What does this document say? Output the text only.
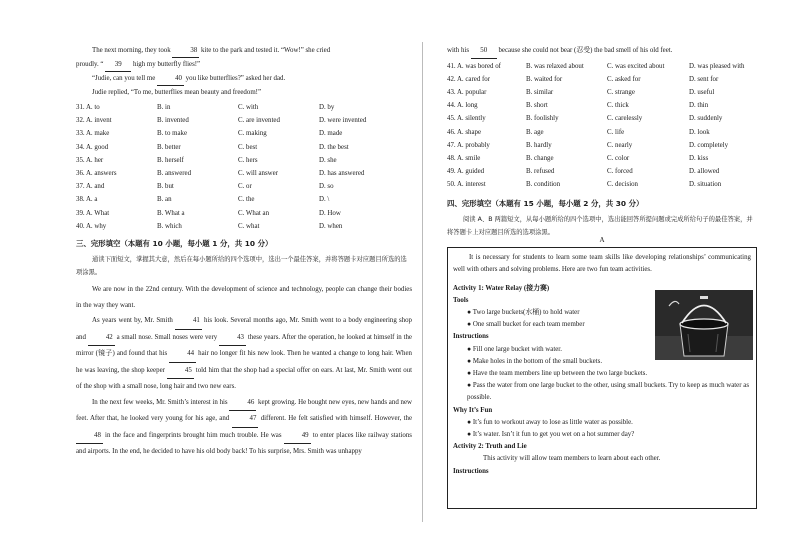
The next morning, they took	38 kite to the park and tested it. “Wow!” she cried

proudly. “ 39 high my butterfly flies!”

“Judie, can you tell me	40 you like butterflies?” asked her dad.

Judie replied, “To me, butterflies mean beauty and freedom!”

31. A. to	B. in	C. with	D. by
32. A. invent	B. invented	C. are invented	D. were invented
33. A. make	B. to make	C. making	D. made
34. A. good	B. better	C. best	D. the best
35. A. her	B. herself	C. hers	D. she
36. A. answers	B. answered	C. will answer	D. has answered
37. A. and	B. but	C. or	D. so
38. A. a	B. an	C. the	D. \
39. A. What	B. What a	C. What an	D. How
40. A. why	B. which	C. what	D. when
三、完形填空（本题有 10 小题，每小题 1 分，共 10 分）

通读下面短文，掌握其大意，然后在每小题所给的四个选项中，选出一个最佳答案，并将答题卡对应题目所选的选项涂黑。

We are now in the 22nd century. With the development of science and technology, people can change their bodies in the way they want.

As years went by, Mr. Smith	41 his look. Several months ago, Mr. Smith went to a body engineering shop and	42 a small nose. Small noses were very	43 these years. After the operation, he looked at himself in the mirror (镜子) and found that his	44 hair no longer fit his new look. Then he wanted a change to long hair. When he was leaving, the shop keeper	45 told him that the shop had a special offer on ears. At last, Mr. Smith went out of the shop with a small nose, long hair and two new ears.

In the next few weeks, Mr. Smith’s interest in his	46 kept growing. He bought new eyes, new hands and new feet. After that, he looked very young for his age, and	47 different. He felt satisfied with himself. However, the 48 in the face and fingerprints brought him much trouble. He was	49 to enter places like railway stations and airports. In the end, he decided to have his old body back! To his surprise, Mrs. Smith was unhappy

with his 50 because she could not bear (忍受) the bad smell of his old feet.

41. A. was bored of	B. was relaxed about	C. was excited about	D. was pleased with
42. A. cared for	B. waited for	C. asked for	D. sent for
43. A. popular	B. similar	C. strange	D. useful
44. A. long	B. short	C. thick	D. thin
45. A. silently	B. foolishly	C. carelessly	D. suddenly
46. A. shape	B. age	C. life	D. look
47. A. probably	B. hardly	C. nearly	D. completely
48. A. smile	B. change	C. color	D. kiss
49. A. guided	B. refused	C. forced	D. allowed
50. A. interest	B. condition	C. decision	D. situation
四、完形填空（本题有 15 小题，每小题 2 分，共 30 分）

阅读 A、B 两篇短文，从每小题所给的四个选项中，选出能回答所提问题或完成所给句子的最佳答案，并将答题卡上对应题目所选的选项涂黑。

A

It is necessary for students to learn some team skills like developing relationships’ communicating well with others and solving problems. Here are two fun team activities.

Activity 1: Water Relay (接力赛)

Tools

● Two large buckets(水桶) to hold water

● One small bucket for each team member

Instructions

● Fill one large bucket with water.

● Make holes in the bottom of the small buckets.

● Have the team members line up between the two large buckets.

● Pass the water from one large bucket to the other, using small buckets. Try to keep as much water as possible.

Why It’s Fun

● It’s fun to workout away to lose as little water as possible.

● It’s water. Isn’t it fun to get you wet on a hot summer day?

Activity 2: Truth and Lie

This activity will allow team members to learn about each other.

Instructions
